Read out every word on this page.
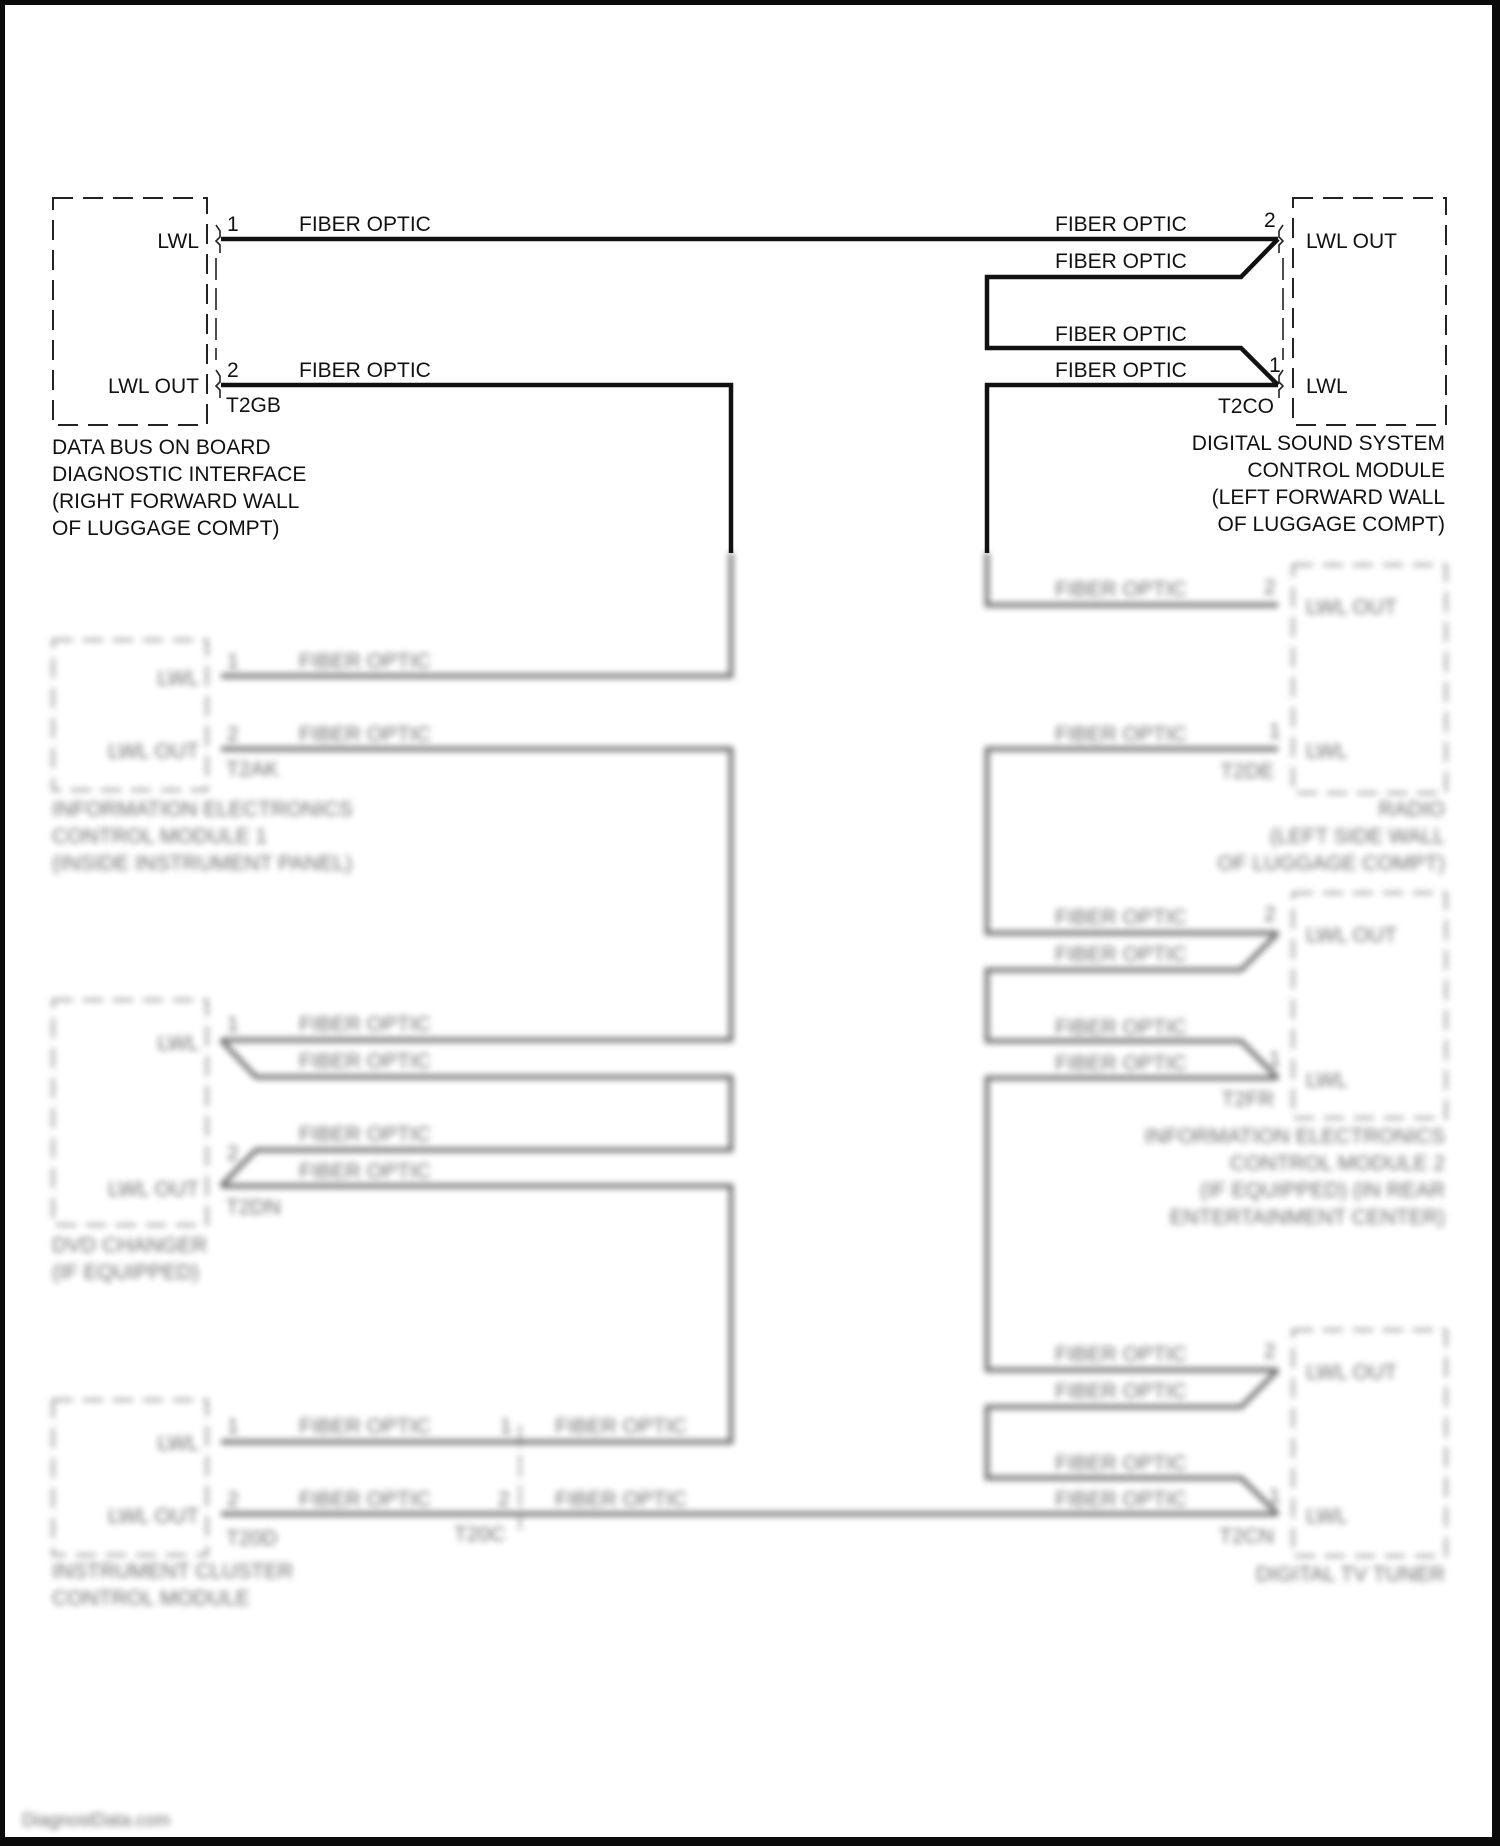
LWL
LWL OUT
1
2
T2GB
DATA BUS ON BOARD
DIAGNOSTIC INTERFACE
(RIGHT FORWARD WALL
OF LUGGAGE COMPT)
LWL OUT
LWL
2
1
T2CO
DIGITAL SOUND SYSTEM
CONTROL MODULE
(LEFT FORWARD WALL
OF LUGGAGE COMPT)
FIBER OPTIC
FIBER OPTIC
FIBER OPTIC
FIBER OPTIC
FIBER OPTIC
FIBER OPTIC
LWL
LWL OUT
1
2
T2AK
INFORMATION ELECTRONICS
CONTROL MODULE 1
(INSIDE INSTRUMENT PANEL)
FIBER OPTIC
FIBER OPTIC
LWL OUT
LWL
2
1
T2DE
RADIO
(LEFT SIDE WALL
OF LUGGAGE COMPT)
FIBER OPTIC
FIBER OPTIC
LWL
LWL OUT
1
2
T2DN
DVD CHANGER
(IF EQUIPPED)
FIBER OPTIC
FIBER OPTIC
FIBER OPTIC
FIBER OPTIC
LWL OUT
LWL
2
1
T2FR
INFORMATION ELECTRONICS
CONTROL MODULE 2
(IF EQUIPPED) (IN REAR
ENTERTAINMENT CENTER)
FIBER OPTIC
FIBER OPTIC
FIBER OPTIC
FIBER OPTIC
LWL
LWL OUT
1
2
T20D	T20C
1
2
INSTRUMENT CLUSTER
CONTROL MODULE
FIBER OPTIC
FIBER OPTIC
FIBER OPTIC
FIBER OPTIC
LWL OUT
LWL
2
1
T2CN
DIGITAL TV TUNER
FIBER OPTIC
FIBER OPTIC
FIBER OPTIC
FIBER OPTIC
DiagnostData.com
